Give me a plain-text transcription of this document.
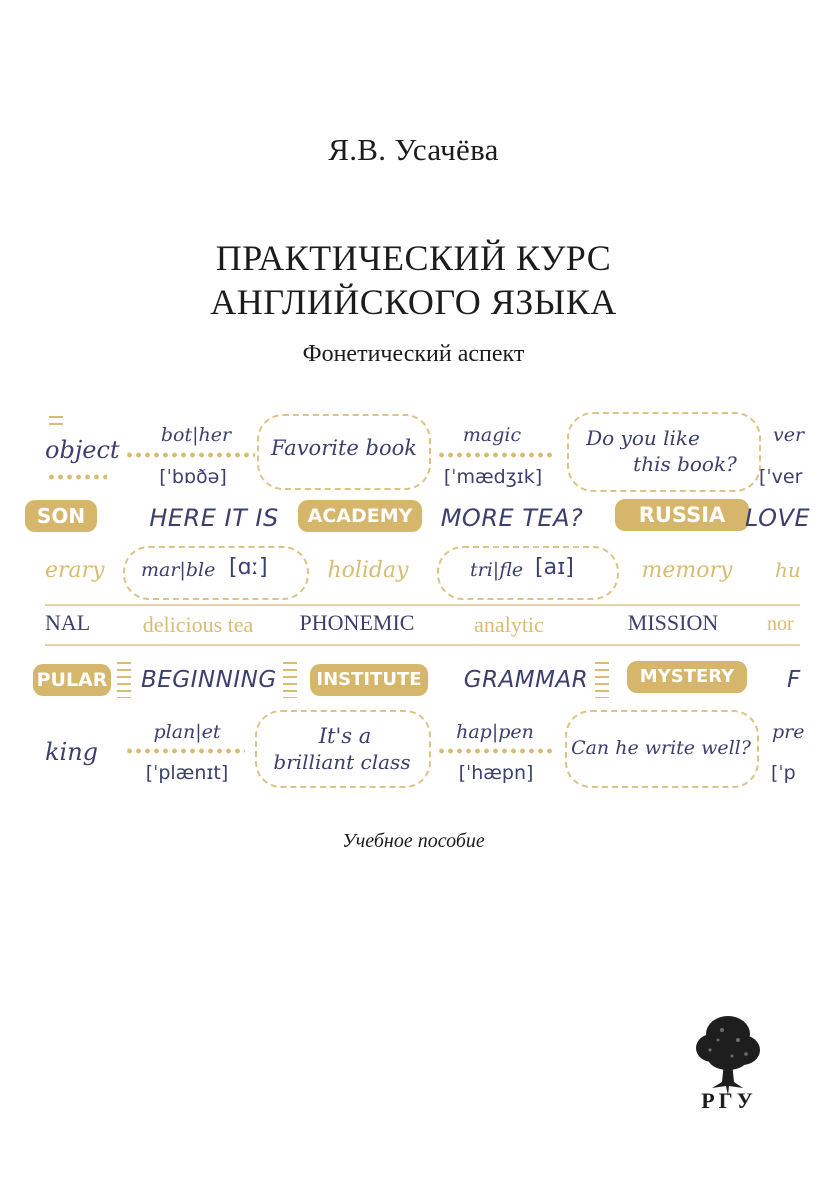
Я.В. Усачёва
ПРАКТИЧЕСКИЙ КУРС
АНГЛИЙСКОГО ЯЗЫКА
Фонетический аспект
object
bot|her
[ˈbɒðə]
Favorite book
magic
[ˈmædʒɪk]
Do you like
this book?
ver
[ˈver
SON	HERE IT IS	ACADEMY	MORE TEA?	RUSSIA LOVE
erary mar|ble [ɑː]	holiday	tri|fle [aɪ]	memory	hu
NAL	delicious tea	PHONEMIC	analytic	MISSION	nor
PULAR BEGINNING	INSTITUTE GRAMMAR	MYSTERY	F
king
plan|et
[ˈplænɪt]
It's a
brilliant class
hap|pen
[ˈhæpn]
Can he write well?
pre
[ˈp
Учебное пособие
РГУ
